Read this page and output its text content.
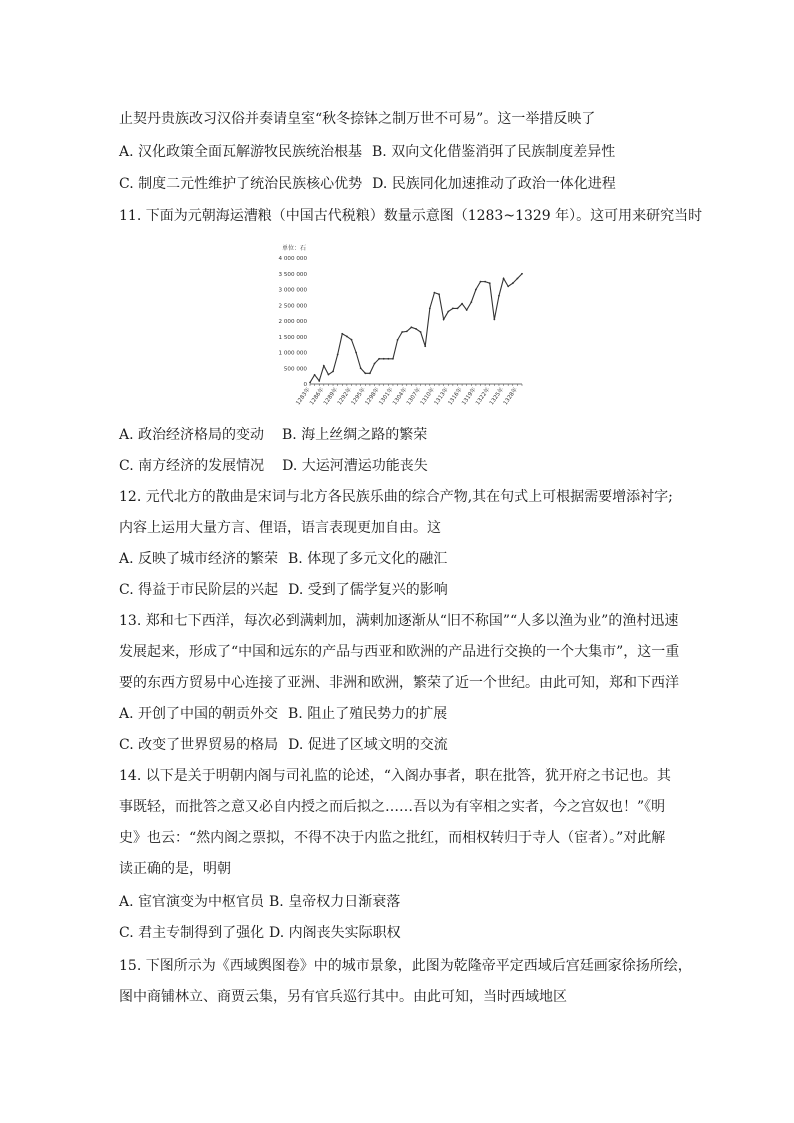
止契丹贵族改习汉俗并奏请皇室“秋冬捺钵之制万世不可易”。这一举措反映了
A. 汉化政策全面瓦解游牧民族统治根基 B. 双向文化借鉴消弭了民族制度差异性
C. 制度二元性维护了统治民族核心优势 D. 民族同化加速推动了政治一体化进程
11. 下面为元朝海运漕粮（中国古代税粮）数量示意图（1283~1329 年）。这可用来研究当时
单位：石
4 000 000
3 500 000
3 000 000
2 500 000
2 000 000
1 500 000
1 000 000
500 000
0
1283年
1286年
1289年
1292年
1295年
1298年
1301年
1304年
1307年
1310年
1313年
1316年
1319年
1322年
1325年
1328年
A. 政治经济格局的变动 B. 海上丝绸之路的繁荣
C. 南方经济的发展情况 D. 大运河漕运功能丧失
12. 元代北方的散曲是宋词与北方各民族乐曲的综合产物,其在句式上可根据需要增添衬字;
内容上运用大量方言、俚语，语言表现更加自由。这
A. 反映了城市经济的繁荣 B. 体现了多元文化的融汇
C. 得益于市民阶层的兴起 D. 受到了儒学复兴的影响
13. 郑和七下西洋，每次必到满剌加，满剌加逐渐从“旧不称国”“人多以渔为业”的渔村迅速
发展起来，形成了“中国和远东的产品与西亚和欧洲的产品进行交换的一个大集市”，这一重
要的东西方贸易中心连接了亚洲、非洲和欧洲，繁荣了近一个世纪。由此可知，郑和下西洋
A. 开创了中国的朝贡外交 B. 阻止了殖民势力的扩展
C. 改变了世界贸易的格局 D. 促进了区域文明的交流
14. 以下是关于明朝内阁与司礼监的论述，“入阁办事者，职在批答，犹开府之书记也。其
事既轻，而批答之意又必自内授之而后拟之……吾以为有宰相之实者，今之宫奴也！”《明
史》也云：“然内阁之票拟，不得不决于内监之批红，而相权转归于寺人（宦者）。”对此解
读正确的是，明朝
A. 宦官演变为中枢官员 B. 皇帝权力日渐衰落
C. 君主专制得到了强化 D. 内阁丧失实际职权
15. 下图所示为《西域舆图卷》中的城市景象，此图为乾隆帝平定西域后宫廷画家徐扬所绘，
图中商铺林立、商贾云集，另有官兵巡行其中。由此可知，当时西域地区
